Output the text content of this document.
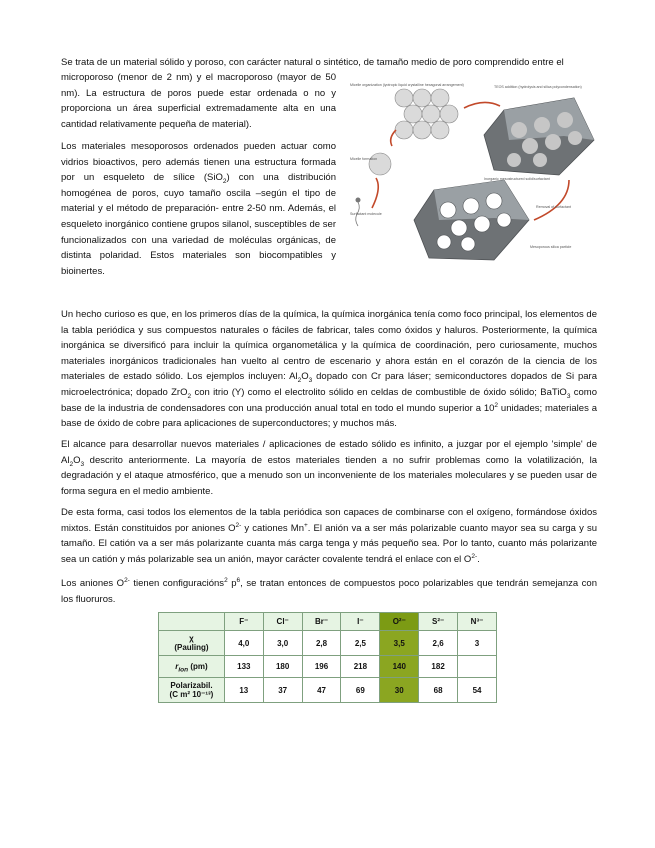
Se trata de un material sólido y poroso, con carácter natural o sintético, de tamaño medio de poro comprendido entre el

microporoso (menor de 2 nm) y el macroporoso (mayor de 50 nm). La estructura de poros puede estar ordenada o no y proporciona un área superficial extremadamente alta en una cantidad relativamente pequeña de material).

Los materiales mesoporosos ordenados pueden actuar como vidrios bioactivos, pero además tienen una estructura formada por un esqueleto de sílice (SiO$_2$) con una distribución homogénea de poros, cuyo tamaño oscila –según el tipo de material y el método de preparación- entre 2-50 nm. Además, el esqueleto inorgánico contiene grupos silanol, susceptibles de ser funcionalizados con una variedad de moléculas orgánicas, de distinta polaridad. Estos materiales son biocompatibles y bioinertes.

Micelle organization (lyotropic liquid crystalline hexagonal arrangement)	TEOS addition (hydrolysis and silica polycondensation)
Micelle formation
Surfactant molecule
Inorganic mesostructured solid/surfactant
Removal of surfactant
Mesoporous silica particle

Un hecho curioso es que, en los primeros días de la química, la química inorgánica tenía como foco principal, los elementos de la tabla periódica y sus compuestos naturales o fáciles de fabricar, tales como óxidos y haluros. Posteriormente, la química inorgánica se diversificó para incluir la química organometálica y la química de coordinación, pero curiosamente, muchos materiales inorgánicos tradicionales han vuelto al centro de escenario y ahora están en el corazón de la ciencia de los materiales de estado sólido. Los ejemplos incluyen: $Al_2O_3$ dopado con Cr para láser; semiconductores dopados de Si para microelectrónica; dopado ZrO$_2$ con itrio (Y) como el electrolito sólido en celdas de combustible de óxido sólido; BaTiO$_3$ como base de la industria de condensadores con una producción anual total en todo el mundo superior a $10^2$ unidades; materiales a base de óxido de cobre para aplicaciones de superconductores; y muchos más.

El alcance para desarrollar nuevos materiales / aplicaciones de estado sólido es infinito, a juzgar por el ejemplo 'simple' de $Al_2O_3$ descrito anteriormente. La mayoría de estos materiales tienden a no sufrir problemas como la volatilización, la degradación y el ataque atmosférico, que a menudo son un inconveniente de los materiales moleculares y se pueden usar de forma segura en el medio ambiente.

De esta forma, casi todos los elementos de la tabla periódica son capaces de combinarse con el oxígeno, formándose óxidos mixtos. Están constituidos por aniones $O^{2-}$ y cationes Mn+. El anión va a ser más polarizable cuanto mayor sea su carga y su tamaño. El catión va a ser más polarizante cuanta más carga tenga y más pequeño sea. Por lo tanto, cuanto más polarizante sea un catión y más polarizable sea un anión, mayor carácter covalente tendrá el enlace con el $O^{2-}$.

Los aniones $O^{2-}$ tienen configuracións$^2$ $p^6$, se tratan entonces de compuestos poco polarizables que tendrán semejanza con los fluoruros.

	F⁻	Cl⁻	Br⁻	I⁻	O²⁻	S²⁻	N³⁻
χ
(Pauling)	4,0	3,0	2,8	2,5	3,5	2,6	3
$r_{ion}$ (pm)	133	180	196	218	140	182	
Polarizabil.
(C m² 10⁻¹³)	13	37	47	69	30	68	54
